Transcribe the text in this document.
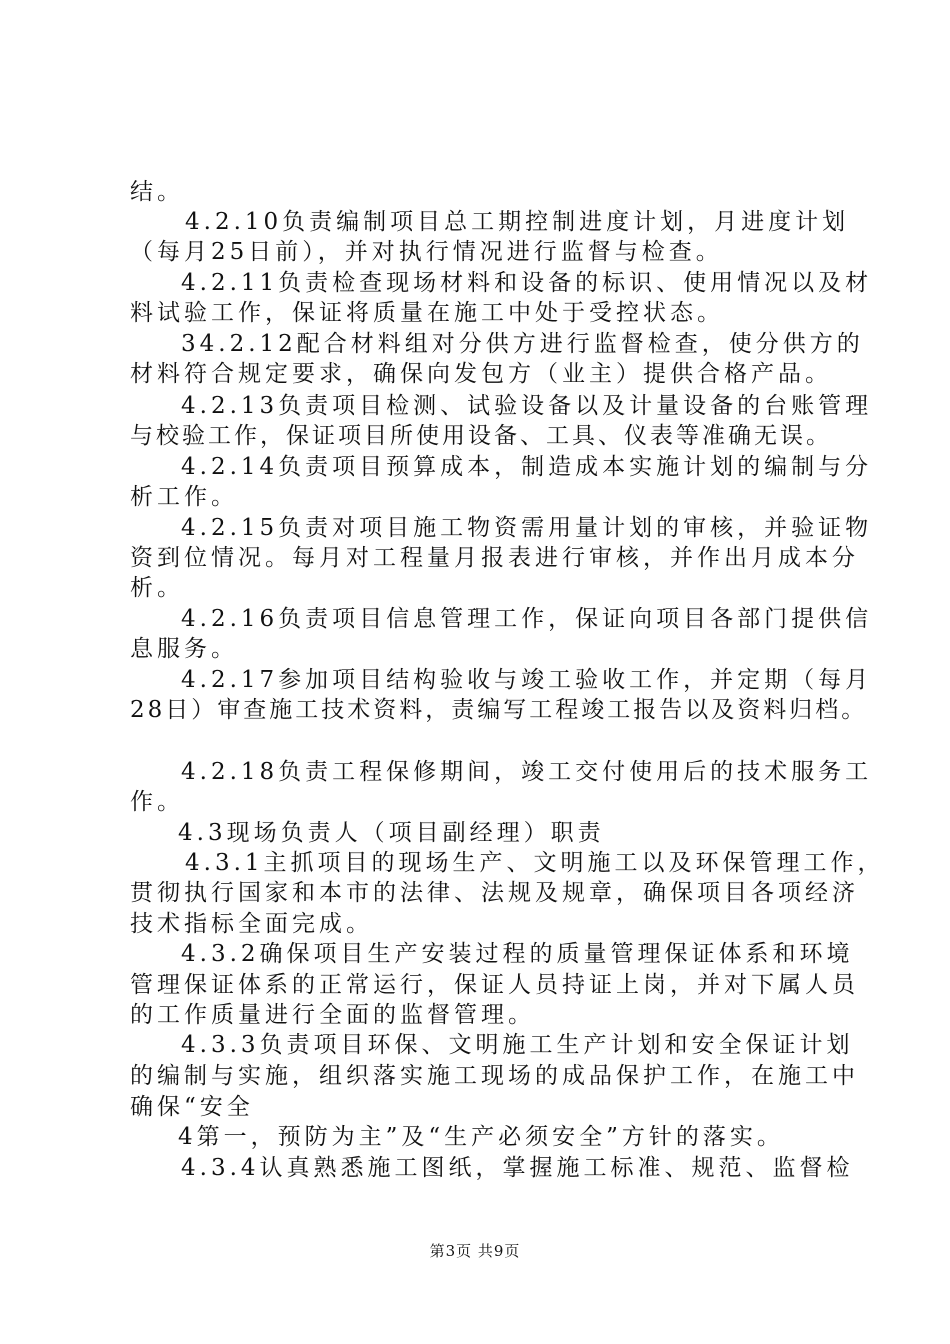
结。
4.2.10负责编制项目总工期控制进度计划，月进度计划
（每月25日前），并对执行情况进行监督与检查。
4.2.11负责检查现场材料和设备的标识、使用情况以及材
料试验工作，保证将质量在施工中处于受控状态。
34.2.12配合材料组对分供方进行监督检查，使分供方的
材料符合规定要求，确保向发包方（业主）提供合格产品。
4.2.13负责项目检测、试验设备以及计量设备的台账管理
与校验工作，保证项目所使用设备、工具、仪表等准确无误。
4.2.14负责项目预算成本，制造成本实施计划的编制与分
析工作。
4.2.15负责对项目施工物资需用量计划的审核，并验证物
资到位情况。每月对工程量月报表进行审核，并作出月成本分
析。
4.2.16负责项目信息管理工作，保证向项目各部门提供信
息服务。
4.2.17参加项目结构验收与竣工验收工作，并定期（每月
28日）审查施工技术资料，责编写工程竣工报告以及资料归档。
4.2.18负责工程保修期间，竣工交付使用后的技术服务工
作。
4.3现场负责人（项目副经理）职责
4.3.1主抓项目的现场生产、文明施工以及环保管理工作，
贯彻执行国家和本市的法律、法规及规章，确保项目各项经济
技术指标全面完成。
4.3.2确保项目生产安装过程的质量管理保证体系和环境
管理保证体系的正常运行，保证人员持证上岗，并对下属人员
的工作质量进行全面的监督管理。
4.3.3负责项目环保、文明施工生产计划和安全保证计划
的编制与实施，组织落实施工现场的成品保护工作，在施工中
确保“安全
4第一，预防为主”及“生产必须安全”方针的落实。
4.3.4认真熟悉施工图纸，掌握施工标准、规范、监督检
第3页 共9页
